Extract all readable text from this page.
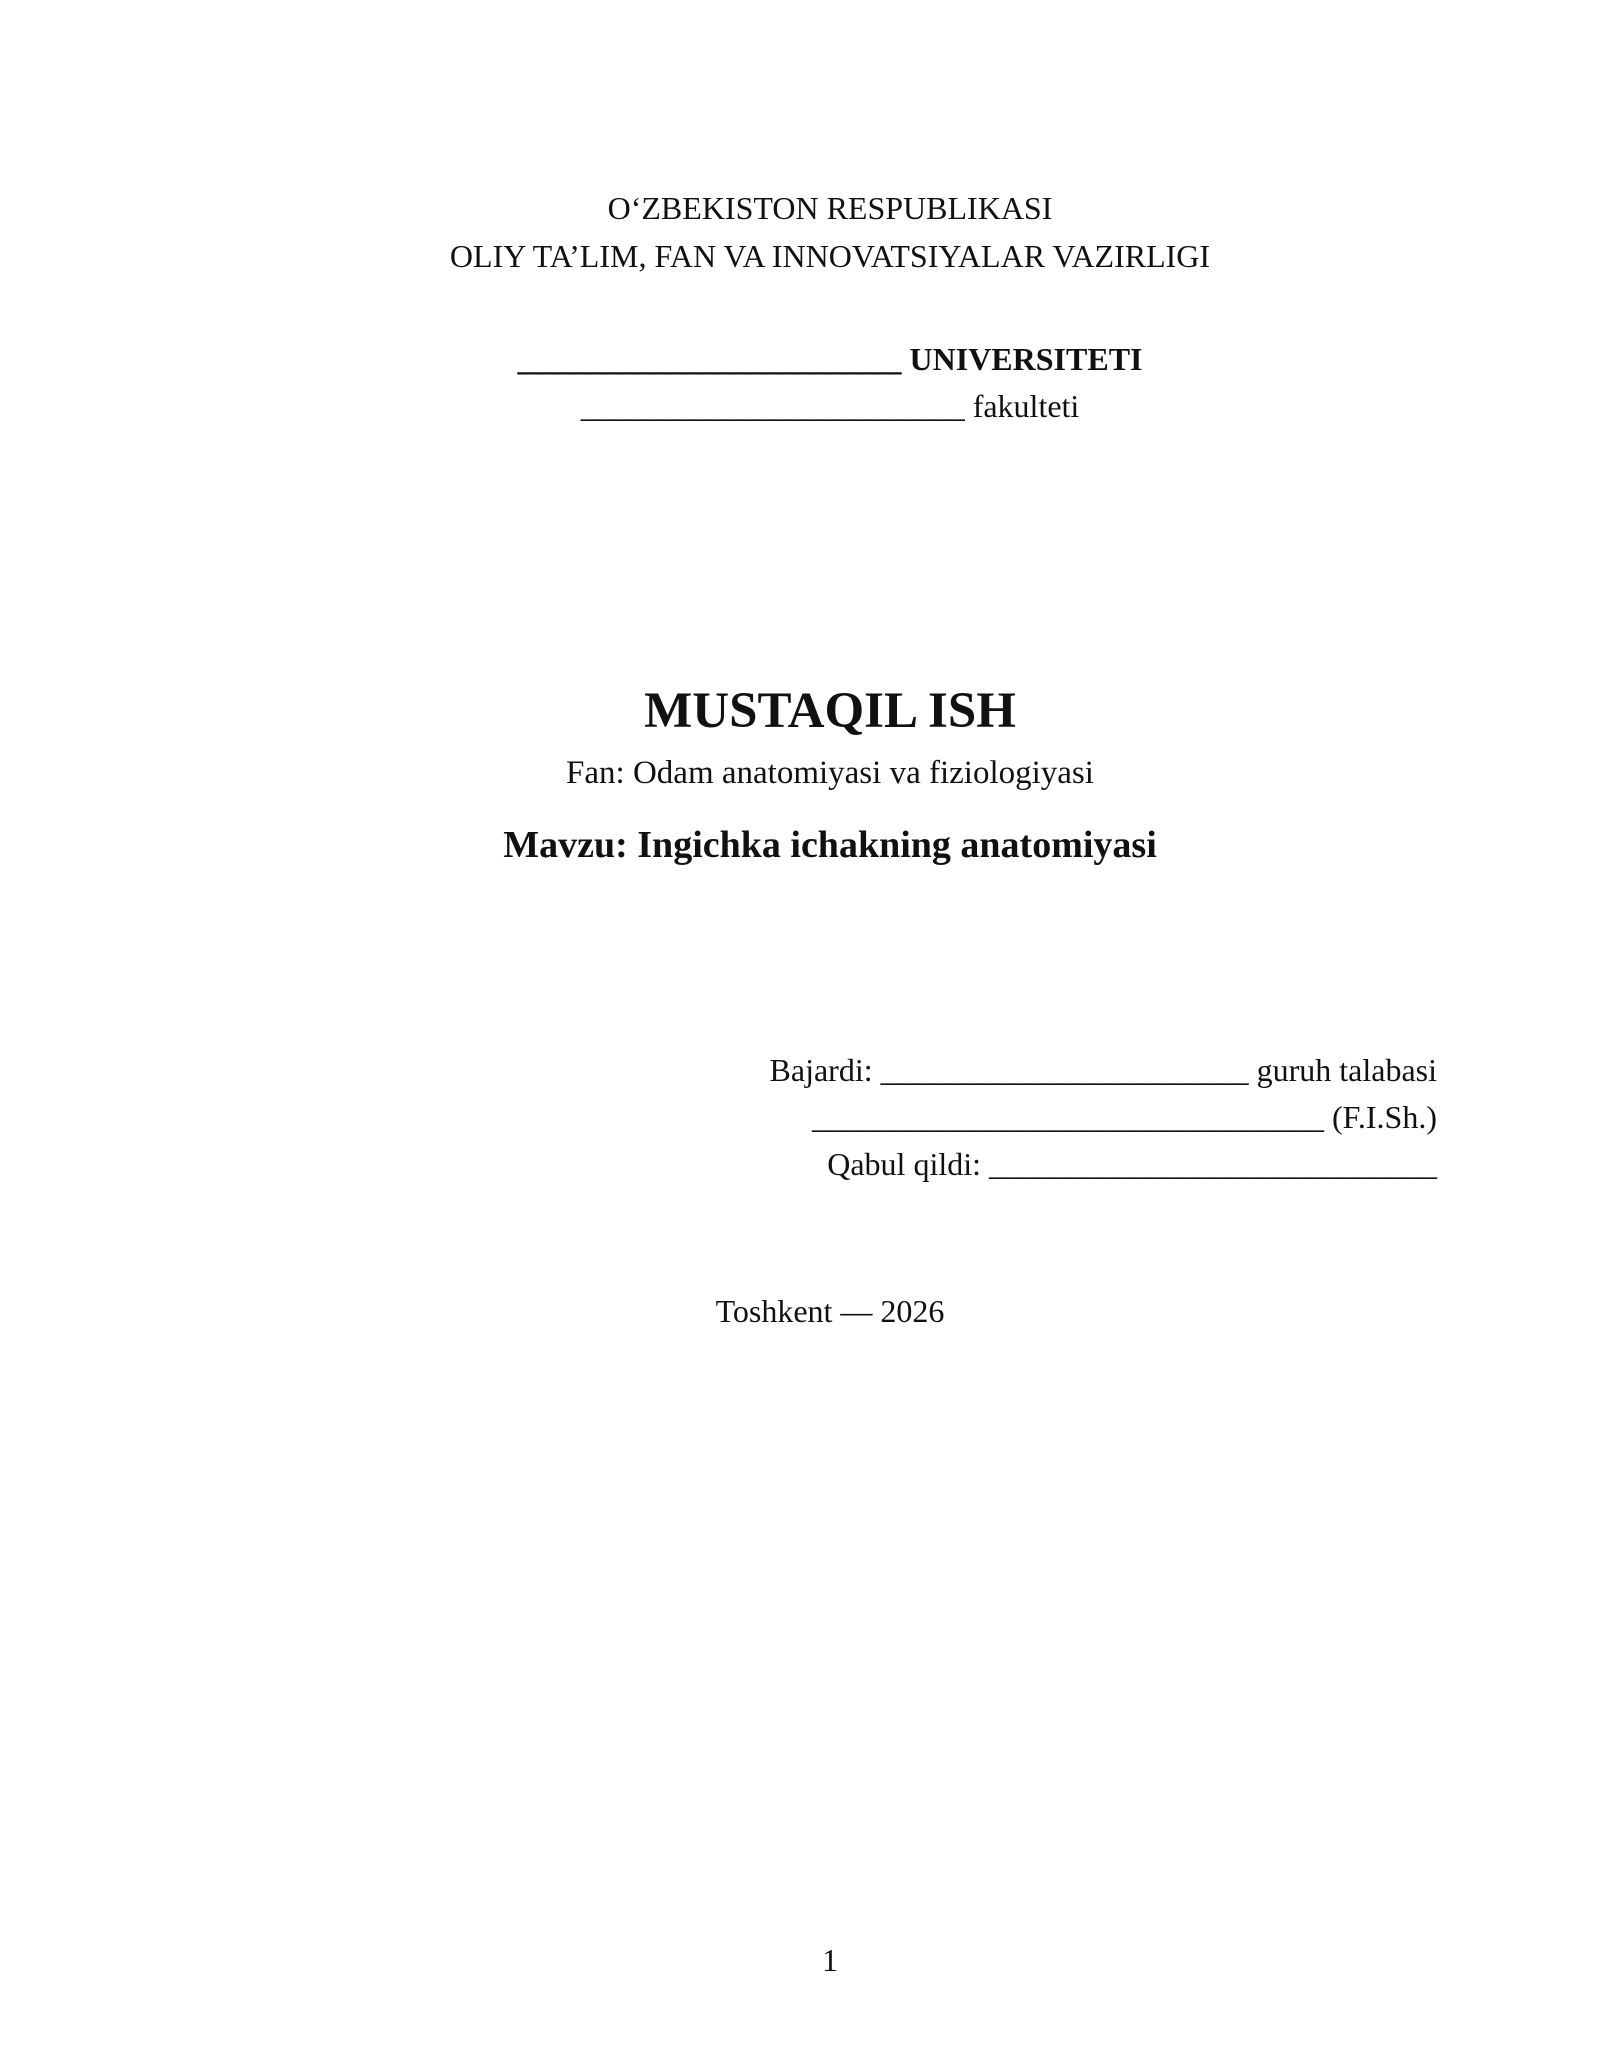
O‘ZBEKISTON RESPUBLIKASI
OLIY TA’LIM, FAN VA INNOVATSIYALAR VAZIRLIGI
________________________ UNIVERSITETI
________________________ fakulteti
MUSTAQIL ISH
Fan: Odam anatomiyasi va fiziologiyasi
Mavzu: Ingichka ichakning anatomiyasi
Bajardi: _______________________ guruh talabasi
________________________________ (F.I.Sh.)
Qabul qildi: ____________________________
Toshkent — 2026
1
